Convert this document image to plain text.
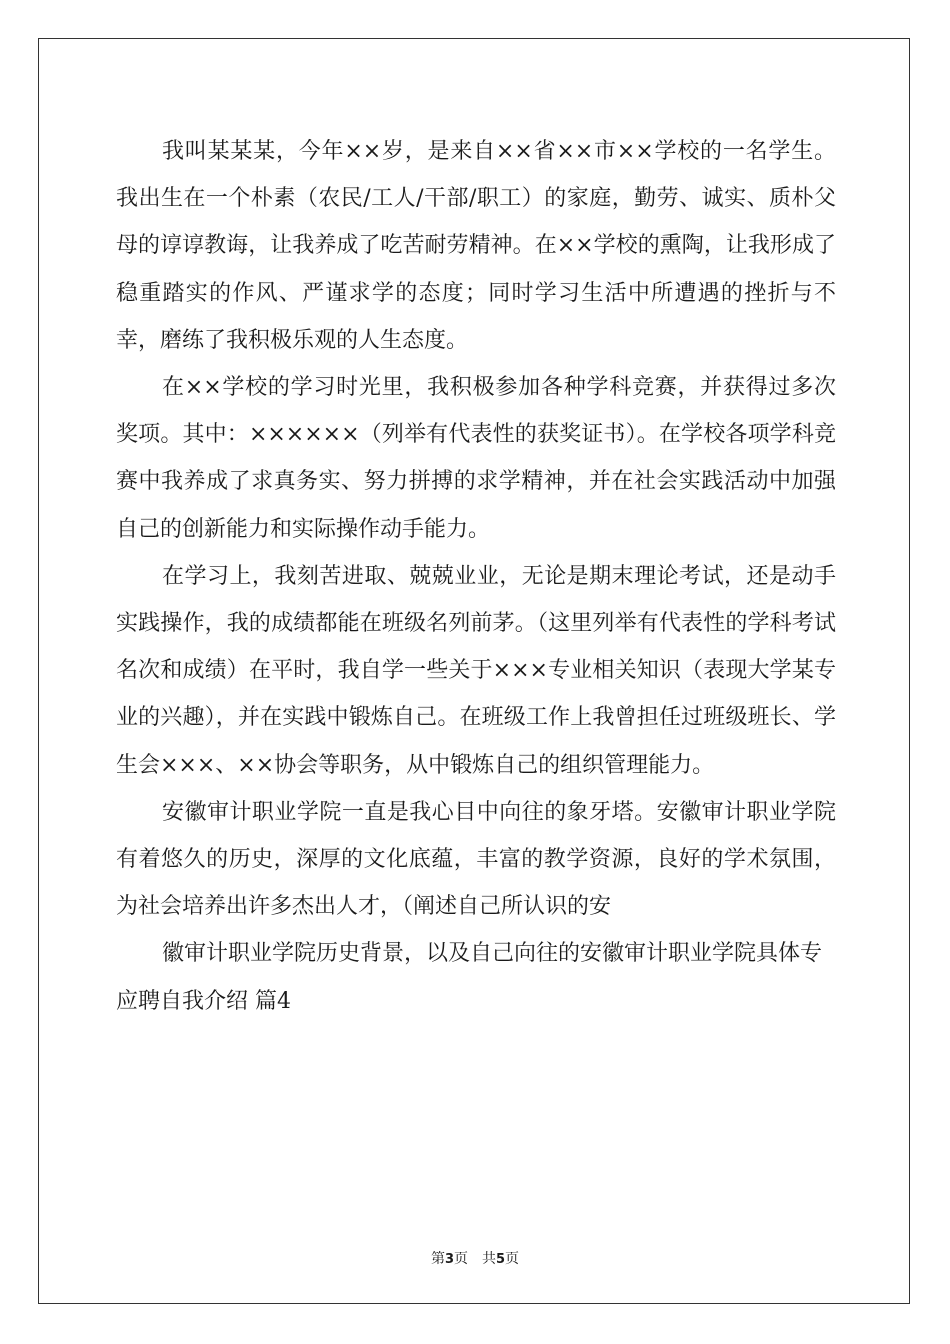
我叫某某某，今年××岁，是来自××省××市××学校的一名学生。我出生在一个朴素（农民/工人/干部/职工）的家庭，勤劳、诚实、质朴父母的谆谆教诲，让我养成了吃苦耐劳精神。在××学校的熏陶，让我形成了稳重踏实的作风、严谨求学的态度；同时学习生活中所遭遇的挫折与不幸，磨练了我积极乐观的人生态度。

在××学校的学习时光里，我积极参加各种学科竞赛，并获得过多次奖项。其中：××××××（列举有代表性的获奖证书）。在学校各项学科竞赛中我养成了求真务实、努力拼搏的求学精神，并在社会实践活动中加强自己的创新能力和实际操作动手能力。

在学习上，我刻苦进取、兢兢业业，无论是期末理论考试，还是动手实践操作，我的成绩都能在班级名列前茅。（这里列举有代表性的学科考试名次和成绩）在平时，我自学一些关于×××专业相关知识（表现大学某专业的兴趣），并在实践中锻炼自己。在班级工作上我曾担任过班级班长、学生会×××、××协会等职务，从中锻炼自己的组织管理能力。

安徽审计职业学院一直是我心目中向往的象牙塔。安徽审计职业学院有着悠久的历史，深厚的文化底蕴，丰富的教学资源，良好的学术氛围，为社会培养出许多杰出人才，（阐述自己所认识的安

徽审计职业学院历史背景，以及自己向往的安徽审计职业学院具体专

应聘自我介绍 篇4

第3页 共5页
